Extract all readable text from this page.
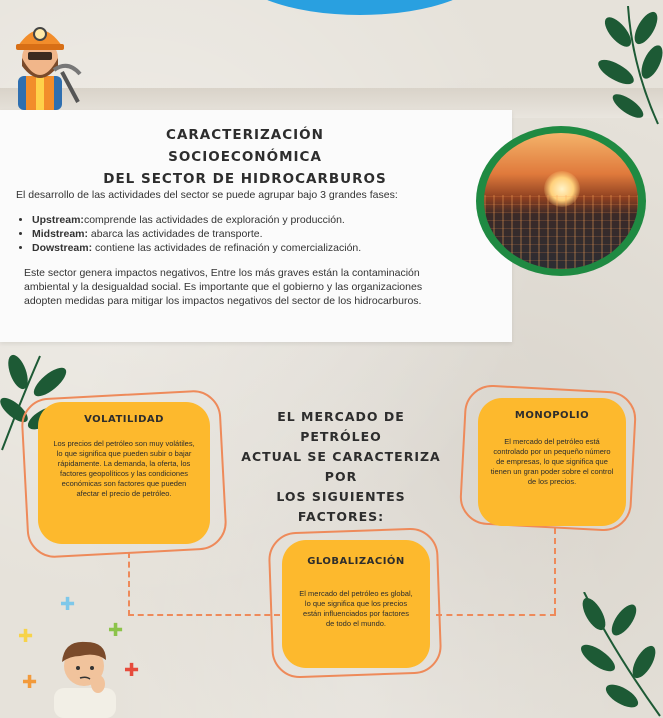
CARACTERIZACIÓN SOCIOECONÓMICA
DEL SECTOR DE HIDROCARBUROS
El desarrollo de las actividades del sector se puede agrupar bajo 3 grandes fases:
• Upstream:comprende las actividades de exploración y producción.
• Midstream: abarca las actividades de transporte.
• Dowstream: contiene las actividades de refinación y comercialización.
Este sector genera impactos negativos, Entre los más graves están la contaminación ambiental y la desigualdad social. Es importante que el gobierno y las organizaciones adopten medidas para mitigar los impactos negativos del sector de los hidrocarburos.
EL MERCADO DE PETRÓLEO
ACTUAL SE CARACTERIZA POR
LOS SIGUIENTES FACTORES:
VOLATILIDAD
Los precios del petróleo son muy volátiles, lo que significa que pueden subir o bajar rápidamente. La demanda, la oferta, los factores geopolíticos y las condiciones económicas son factores que pueden afectar el precio de petróleo.
MONOPOLIO
El mercado del petróleo está controlado por un pequeño número de empresas, lo que significa que tienen un gran poder sobre el control de los precios.
GLOBALIZACIÓN
El mercado del petróleo es global, lo que significa que los precios están influenciados por factores de todo el mundo.
✚
✚	✚
✚
✚
